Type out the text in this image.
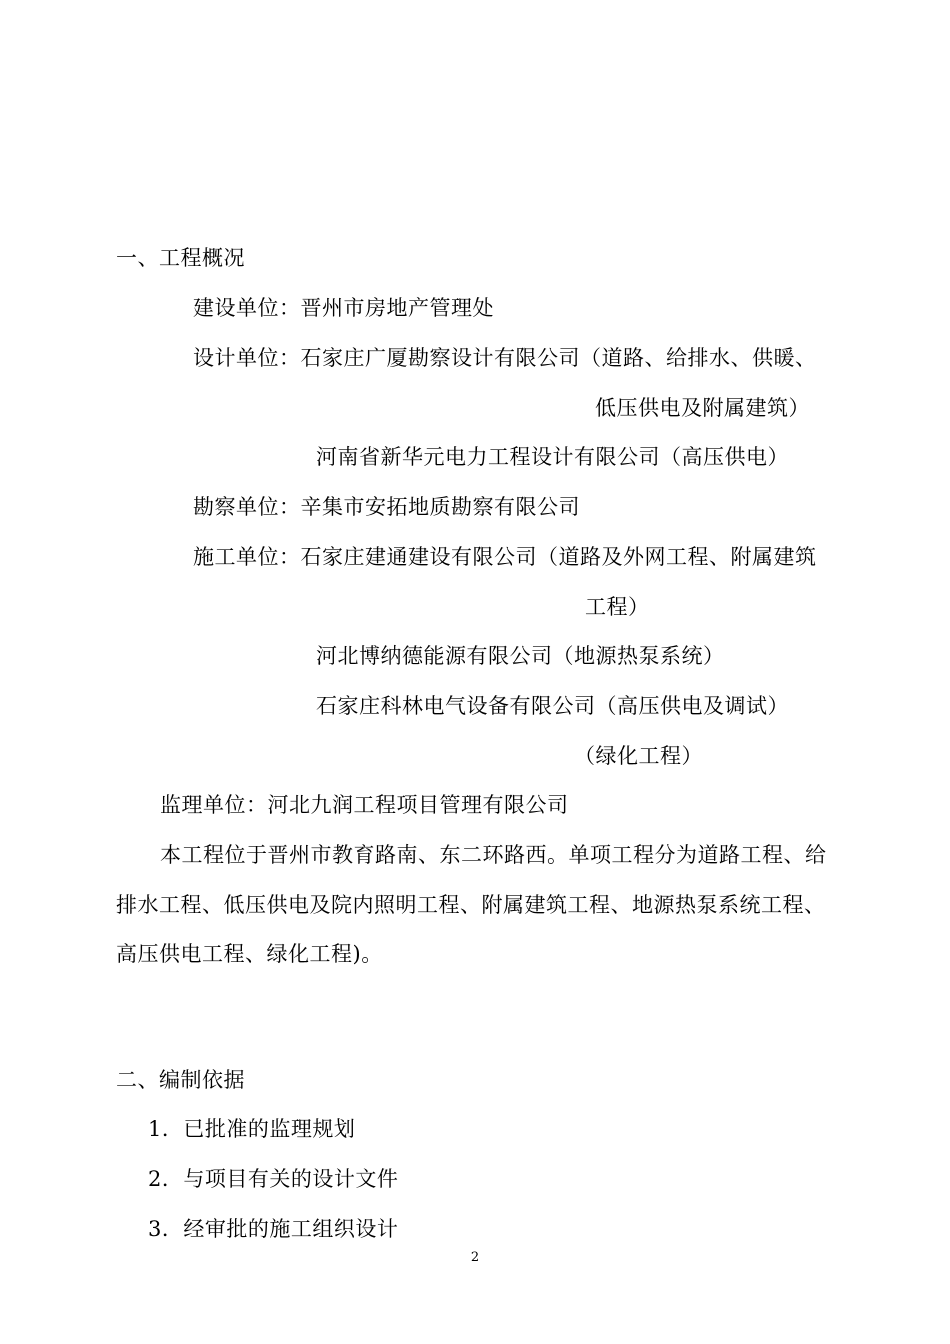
一、工程概况
建设单位：晋州市房地产管理处
设计单位：石家庄广厦勘察设计有限公司（道路、给排水、供暖、
低压供电及附属建筑）
河南省新华元电力工程设计有限公司（高压供电）
勘察单位：辛集市安拓地质勘察有限公司
施工单位：石家庄建通建设有限公司（道路及外网工程、附属建筑
工程）
河北博纳德能源有限公司（地源热泵系统）
石家庄科林电气设备有限公司（高压供电及调试）
（绿化工程）
监理单位：河北九润工程项目管理有限公司
本工程位于晋州市教育路南、东二环路西。单项工程分为道路工程、给
排水工程、低压供电及院内照明工程、附属建筑工程、地源热泵系统工程、
高压供电工程、绿化工程)。
二、编制依据
1．已批准的监理规划
2．与项目有关的设计文件
3．经审批的施工组织设计
2
